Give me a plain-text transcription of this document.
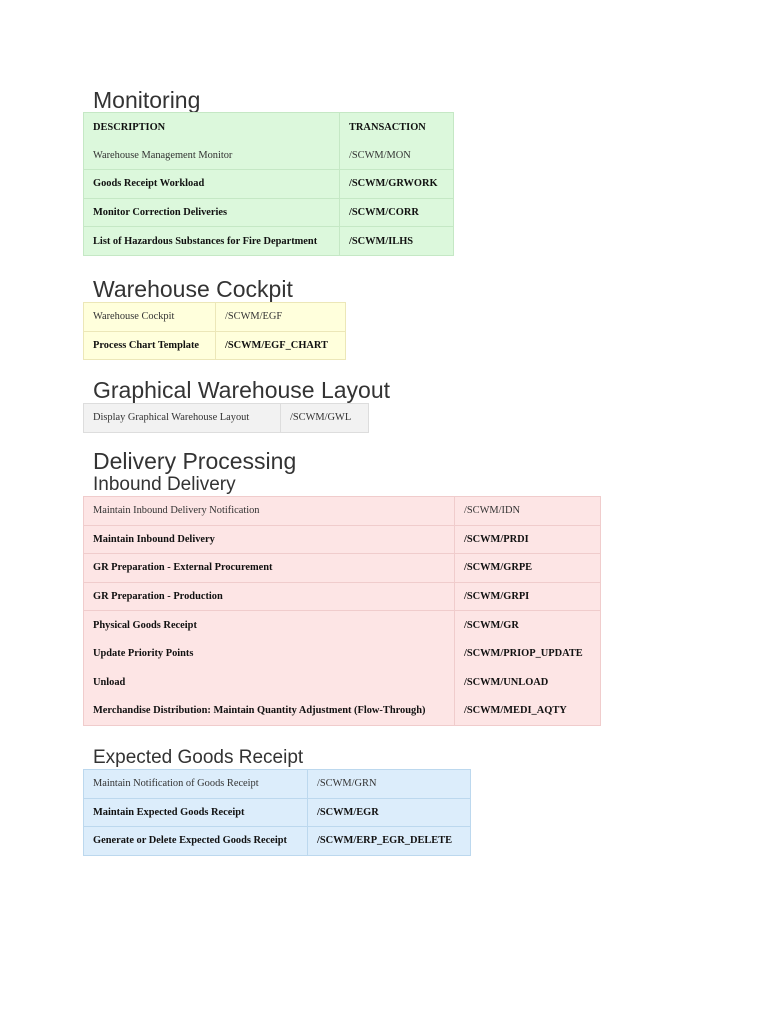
Monitoring
DESCRIPTION	TRANSACTION
Warehouse Management Monitor	/SCWM/MON
Goods Receipt Workload	/SCWM/GRWORK
Monitor Correction Deliveries	/SCWM/CORR
List of Hazardous Substances for Fire Department	/SCWM/ILHS
Warehouse Cockpit
Warehouse Cockpit	/SCWM/EGF
Process Chart Template	/SCWM/EGF_CHART
Graphical Warehouse Layout
Display Graphical Warehouse Layout	/SCWM/GWL
Delivery Processing
Inbound Delivery
Maintain Inbound Delivery Notification	/SCWM/IDN
Maintain Inbound Delivery	/SCWM/PRDI
GR Preparation - External Procurement	/SCWM/GRPE
GR Preparation - Production	/SCWM/GRPI
Physical Goods Receipt	/SCWM/GR
Update Priority Points	/SCWM/PRIOP_UPDATE
Unload	/SCWM/UNLOAD
Merchandise Distribution: Maintain Quantity Adjustment (Flow-Through)	/SCWM/MEDI_AQTY
Expected Goods Receipt
Maintain Notification of Goods Receipt	/SCWM/GRN
Maintain Expected Goods Receipt	/SCWM/EGR
Generate or Delete Expected Goods Receipt	/SCWM/ERP_EGR_DELETE
